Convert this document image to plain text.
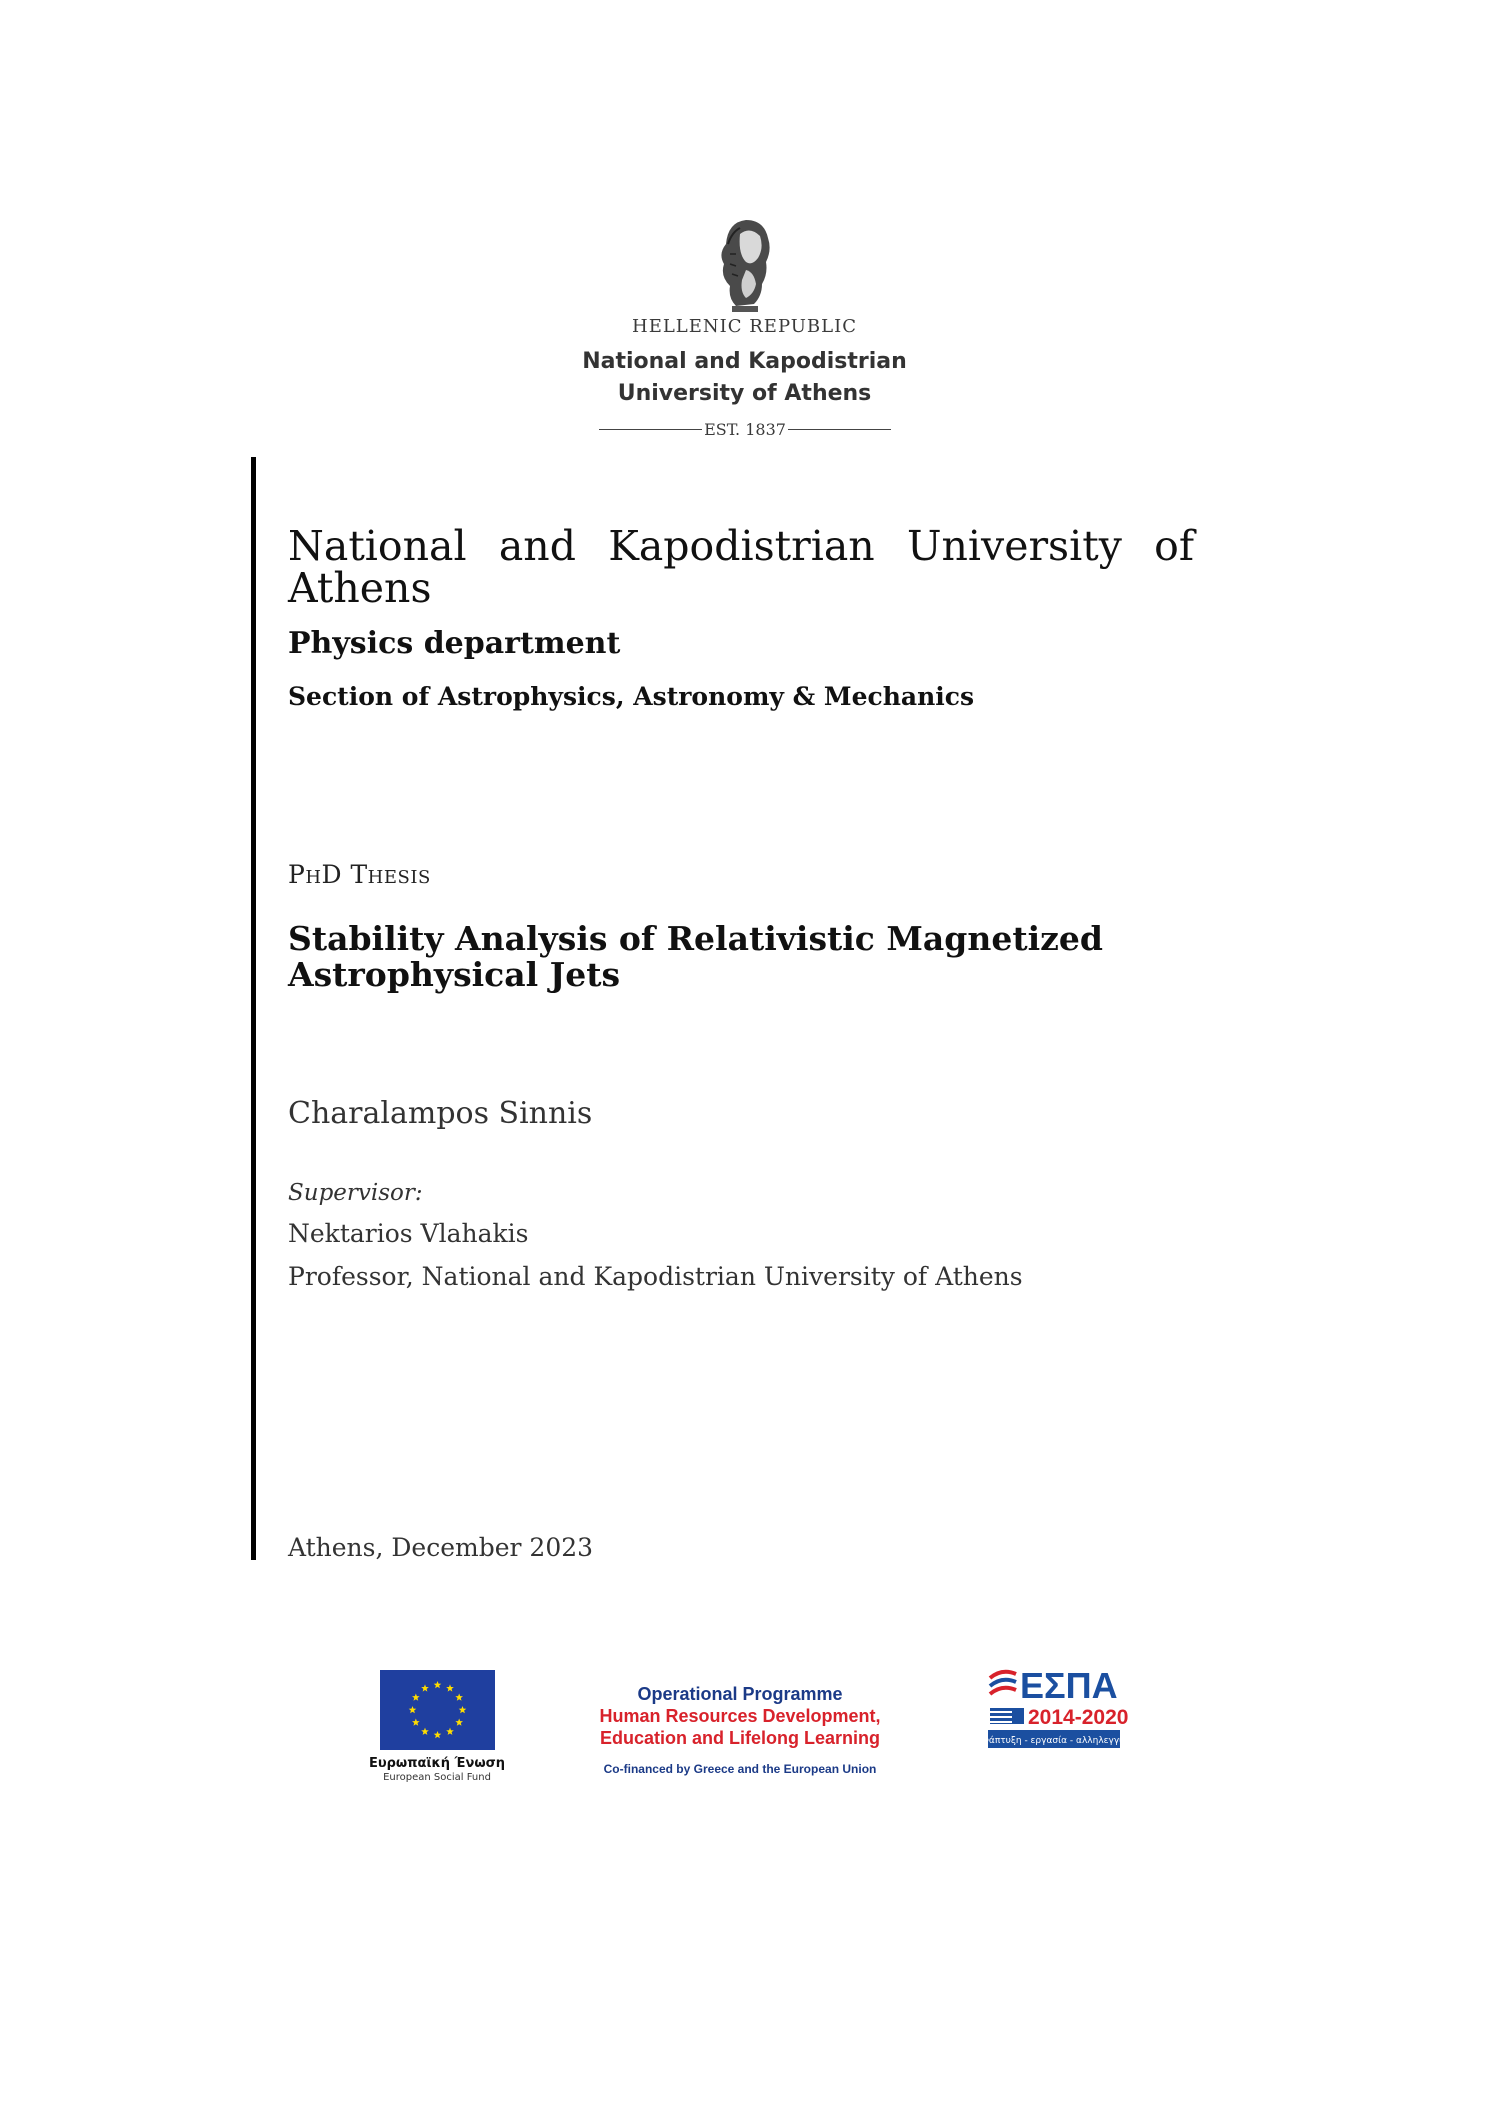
HELLENIC REPUBLIC
National and Kapodistrian
University of Athens
EST. 1837
National and Kapodistrian University of Athens
Physics department
Section of Astrophysics, Astronomy & Mechanics
PhD Thesis
Stability Analysis of Relativistic Magnetized
Astrophysical Jets
Charalampos Sinnis
Supervisor:
Nektarios Vlahakis
Professor, National and Kapodistrian University of Athens
Athens, December 2023
Ευρωπαϊκή Ένωση
European Social Fund
Operational Programme
Human Resources Development,
Education and Lifelong Learning
Co-financed by Greece and the European Union
ΕΣΠΑ
2014-2020
ανάπτυξη - εργασία - αλληλεγγύη
